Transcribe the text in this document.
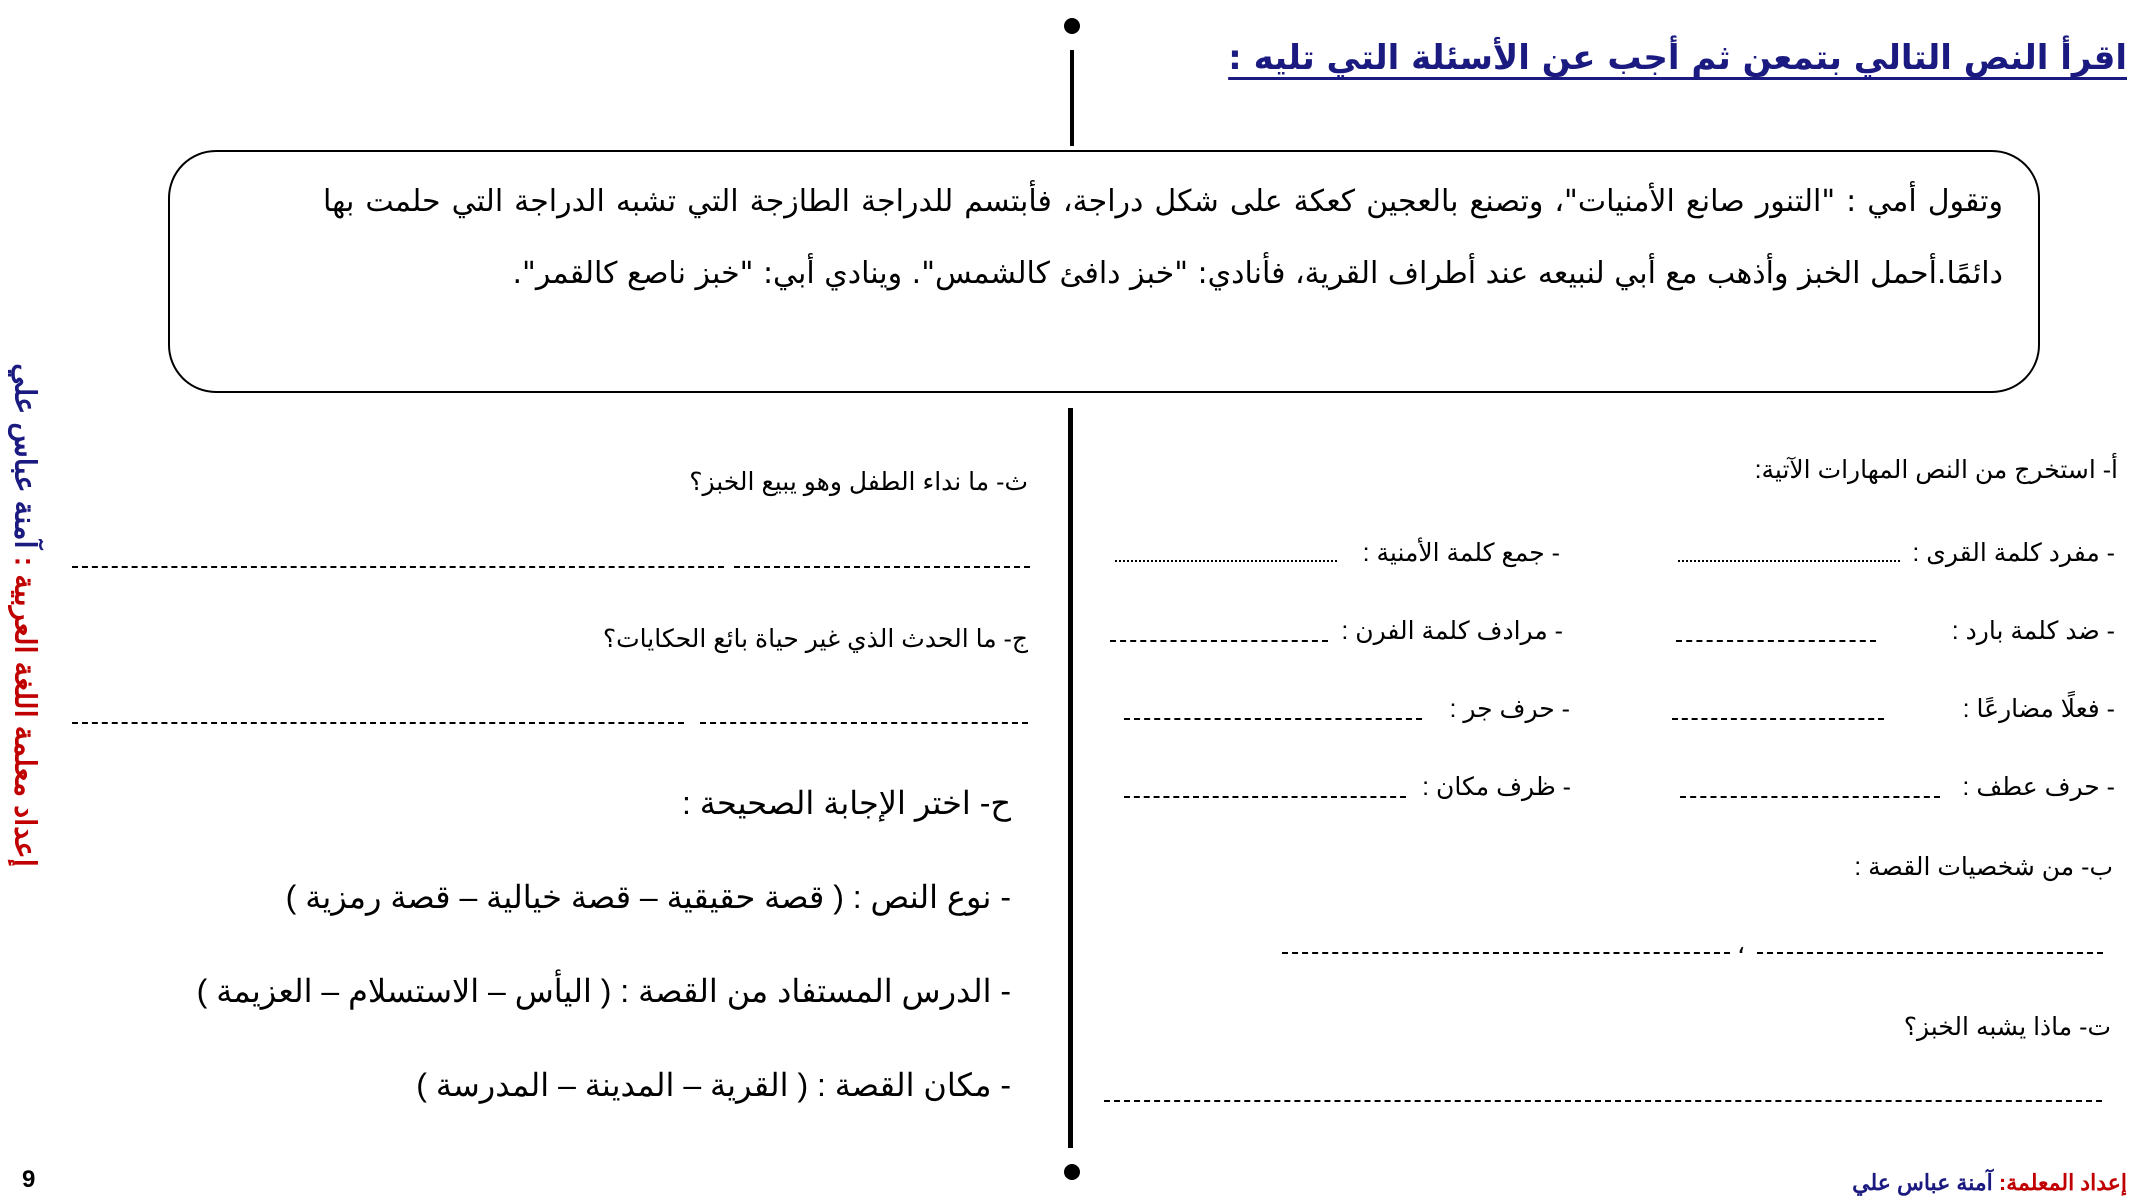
اقرأ النص التالي بتمعن ثم أجب عن الأسئلة التي تليه :
وتقول أمي : "التنور صانع الأمنيات"، وتصنع بالعجين كعكة على شكل دراجة، فأبتسم للدراجة الطازجة التي تشبه الدراجة التي حلمت بها دائمًا.أحمل الخبز وأذهب مع أبي لنبيعه عند أطراف القرية، فأنادي: "خبز دافئ كالشمس". وينادي أبي: "خبز ناصع كالقمر".
إعداد معلمة اللغة العربية : آمنة عباس علي	أ- استخرج من النص المهارات الآتية:
- مفرد كلمة القرى :
- جمع كلمة الأمنية :
- ضد كلمة بارد :
- مرادف كلمة الفرن :
- فعلًا مضارعًا :
- حرف جر :
- حرف عطف :
- ظرف مكان :
ب- من شخصيات القصة :
،
ت- ماذا يشبه الخبز؟
ث- ما نداء الطفل وهو يبيع الخبز؟
ج- ما الحدث الذي غير حياة بائع الحكايات؟
ح- اختر الإجابة الصحيحة :
- نوع النص : ( قصة حقيقية – قصة خيالية – قصة رمزية )
- الدرس المستفاد من القصة : ( اليأس – الاستسلام – العزيمة )
- مكان القصة : ( القرية – المدينة – المدرسة )
9	إعداد المعلمة: آمنة عباس علي
